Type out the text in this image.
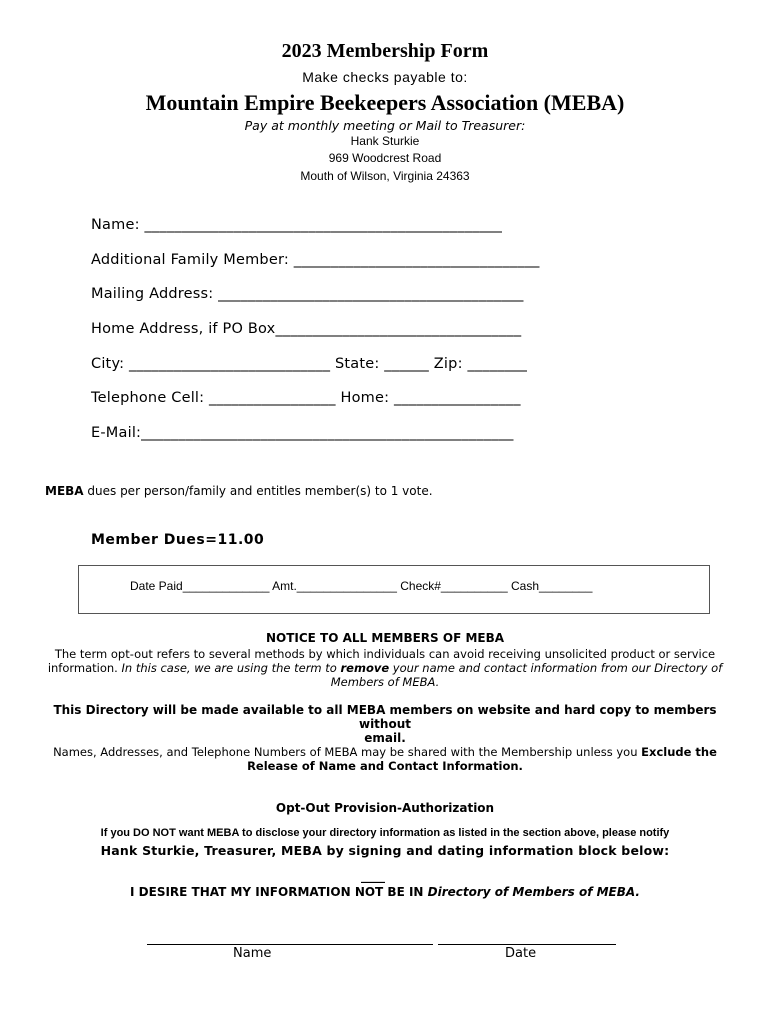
2023 Membership Form
Make checks payable to:
Mountain Empire Beekeepers Association (MEBA)
Pay at monthly meeting or Mail to Treasurer:
Hank Sturkie
969 Woodcrest Road
Mouth of Wilson, Virginia 24363
Name: ________________________________________________
Additional Family Member: _________________________________
Mailing Address: _________________________________________
Home Address, if PO Box_________________________________
City: ___________________________ State: ______ Zip: ________
Telephone Cell: _________________ Home: _________________
E-Mail:__________________________________________________
MEBA dues per person/family and entitles member(s) to 1 vote.
Member Dues=11.00
Date Paid_____________ Amt._______________ Check#__________ Cash________
NOTICE TO ALL MEMBERS OF MEBA
The term opt-out refers to several methods by which individuals can avoid receiving unsolicited product or service
information. In this case, we are using the term to remove your name and contact information from our Directory of
Members of MEBA.
This Directory will be made available to all MEBA members on website and hard copy to members without
email.
Names, Addresses, and Telephone Numbers of MEBA may be shared with the Membership unless you Exclude the
Release of Name and Contact Information.
Opt-Out Provision-Authorization
If you DO NOT want MEBA to disclose your directory information as listed in the section above, please notify
Hank Sturkie, Treasurer, MEBA by signing and dating information block below:
____
I DESIRE THAT MY INFORMATION NOT BE IN Directory of Members of MEBA.
Name	Date
